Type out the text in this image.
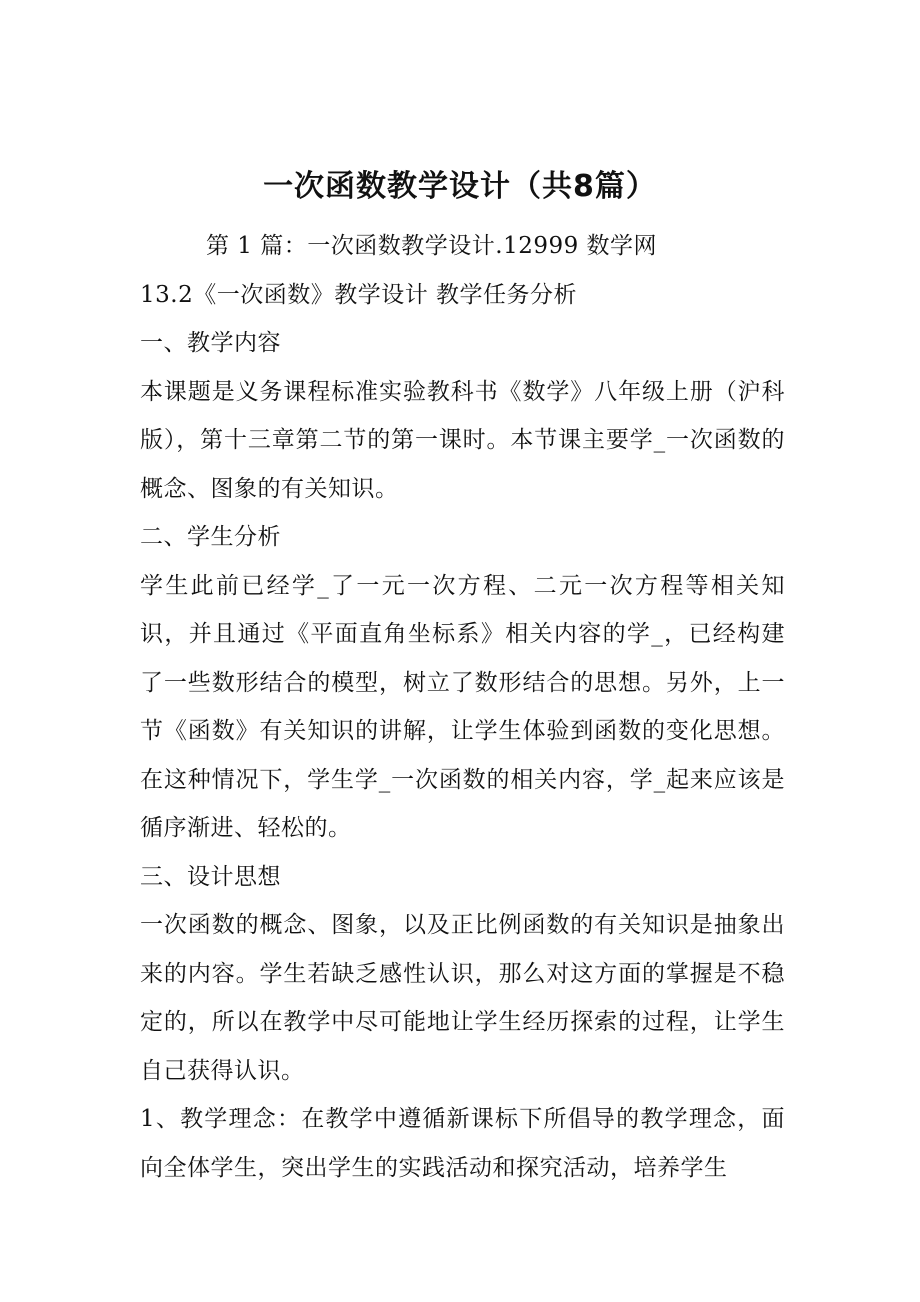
一次函数教学设计（共8篇）

第 1 篇：一次函数教学设计.12999 数学网

13.2《一次函数》教学设计 教学任务分析

一、教学内容

本课题是义务课程标准实验教科书《数学》八年级上册（沪科版），第十三章第二节的第一课时。本节课主要学_一次函数的概念、图象的有关知识。

二、学生分析

学生此前已经学_了一元一次方程、二元一次方程等相关知识，并且通过《平面直角坐标系》相关内容的学_，已经构建了一些数形结合的模型，树立了数形结合的思想。另外，上一节《函数》有关知识的讲解，让学生体验到函数的变化思想。在这种情况下，学生学_一次函数的相关内容，学_起来应该是循序渐进、轻松的。

三、设计思想

一次函数的概念、图象，以及正比例函数的有关知识是抽象出来的内容。学生若缺乏感性认识，那么对这方面的掌握是不稳定的，所以在教学中尽可能地让学生经历探索的过程，让学生自己获得认识。

1、教学理念：在教学中遵循新课标下所倡导的教学理念，面向全体学生，突出学生的实践活动和探究活动，培养学生
